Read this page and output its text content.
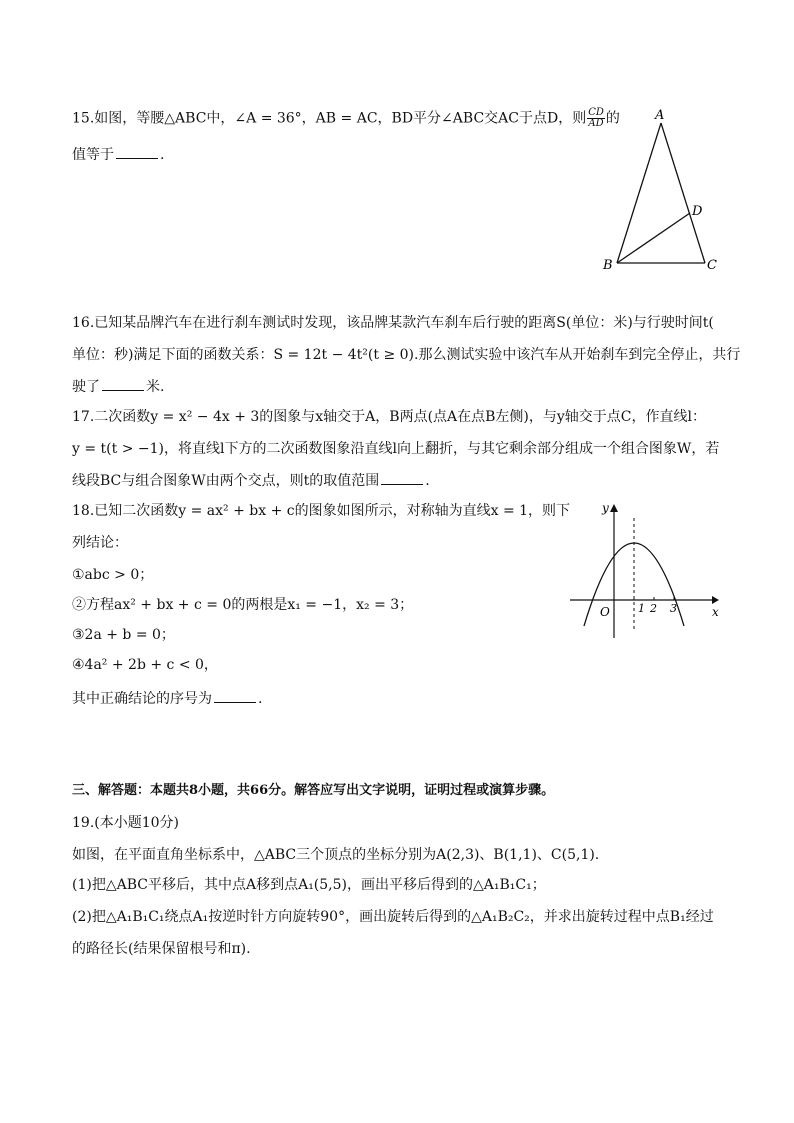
15.如图，等腰△ABC中，∠A = 36°，AB = AC，BD平分∠ABC交AC于点D，则 $\frac{CD}{AD}$ 的
值等于	.
A
B	C
D
16.已知某品牌汽车在进行刹车测试时发现，该品牌某款汽车刹车后行驶的距离S(单位：米)与行驶时间t(
单位：秒)满足下面的函数关系：S = 12t − 4t²(t ≥ 0).那么测试实验中该汽车从开始刹车到完全停止，共行
驶了	米.
17.二次函数y = x² − 4x + 3的图象与x轴交于A，B两点(点A在点B左侧)，与y轴交于点C，作直线l：
y = t(t > −1)，将直线l下方的二次函数图象沿直线l向上翻折，与其它剩余部分组成一个组合图象W，若
线段BC与组合图象W由两个交点，则t的取值范围	.
18.已知二次函数y = ax² + bx + c的图象如图所示，对称轴为直线x = 1，则下
列结论：
①abc > 0；
②方程ax² + bx + c = 0的两根是x₁ = −1，x₂ = 3；
③2a + b = 0；
④4a² + 2b + c < 0，
其中正确结论的序号为	.
y
x
O	1 2 3
三、解答题：本题共8小题，共66分。解答应写出文字说明，证明过程或演算步骤。
19.(本小题10分)
如图，在平面直角坐标系中，△ABC三个顶点的坐标分别为A(2,3)、B(1,1)、C(5,1).
(1)把△ABC平移后，其中点A移到点A₁(5,5)，画出平移后得到的△A₁B₁C₁；
(2)把△A₁B₁C₁绕点A₁按逆时针方向旋转90°，画出旋转后得到的△A₁B₂C₂，并求出旋转过程中点B₁经过
的路径长(结果保留根号和π).
